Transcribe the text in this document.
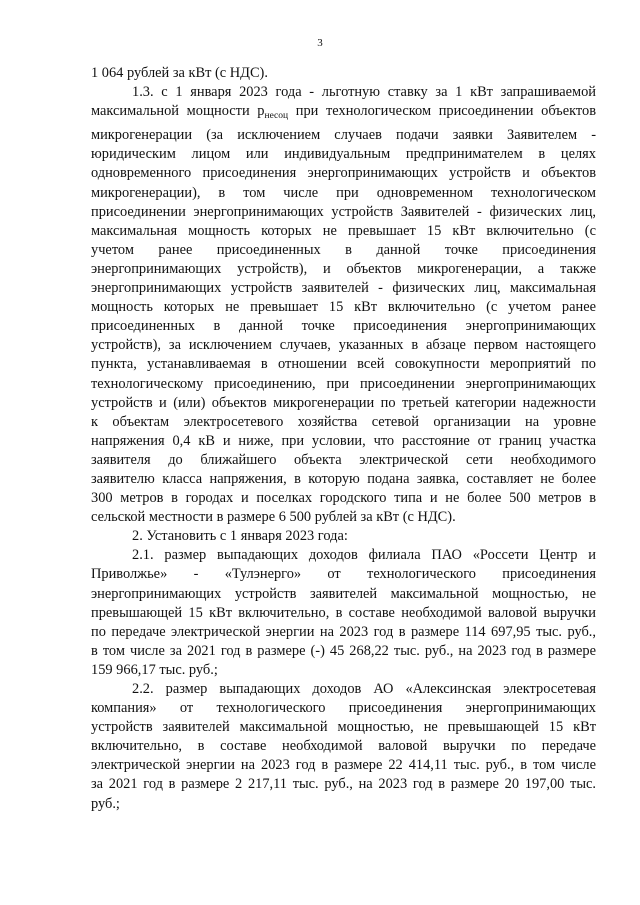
3
1 064 рублей за кВт (с НДС).
1.3. с 1 января 2023 года - льготную ставку за 1 кВт запрашиваемой
максимальной мощности $p_{несоц}$ при технологическом присоединении объектов
микрогенерации (за исключением случаев подачи заявки Заявителем -
юридическим лицом или индивидуальным предпринимателем в целях
одновременного присоединения энергопринимающих устройств и объектов
микрогенерации), в том числе при одновременном технологическом
присоединении энергопринимающих устройств Заявителей - физических лиц,
максимальная мощность которых не превышает 15 кВт включительно (с
учетом ранее присоединенных в данной точке присоединения
энергопринимающих устройств), и объектов микрогенерации, а также
энергопринимающих устройств заявителей - физических лиц, максимальная
мощность которых не превышает 15 кВт включительно (с учетом ранее
присоединенных в данной точке присоединения энергопринимающих
устройств), за исключением случаев, указанных в абзаце первом настоящего
пункта, устанавливаемая в отношении всей совокупности мероприятий по
технологическому присоединению, при присоединении энергопринимающих
устройств и (или) объектов микрогенерации по третьей категории надежности
к объектам электросетевого хозяйства сетевой организации на уровне
напряжения 0,4 кВ и ниже, при условии, что расстояние от границ участка
заявителя до ближайшего объекта электрической сети необходимого
заявителю класса напряжения, в которую подана заявка, составляет не более
300 метров в городах и поселках городского типа и не более 500 метров в
сельской местности в размере 6 500 рублей за кВт (с НДС).
2. Установить с 1 января 2023 года:
2.1. размер выпадающих доходов филиала ПАО «Россети Центр и
Приволжье» - «Тулэнерго» от технологического присоединения
энергопринимающих устройств заявителей максимальной мощностью, не
превышающей 15 кВт включительно, в составе необходимой валовой выручки
по передаче электрической энергии на 2023 год в размере 114 697,95 тыс. руб.,
в том числе за 2021 год в размере (-) 45 268,22 тыс. руб., на 2023 год в размере
159 966,17 тыс. руб.;
2.2. размер выпадающих доходов АО «Алексинская электросетевая
компания» от технологического присоединения энергопринимающих
устройств заявителей максимальной мощностью, не превышающей 15 кВт
включительно, в составе необходимой валовой выручки по передаче
электрической энергии на 2023 год в размере 22 414,11 тыс. руб., в том числе
за 2021 год в размере 2 217,11 тыс. руб., на 2023 год в размере 20 197,00 тыс.
руб.;
